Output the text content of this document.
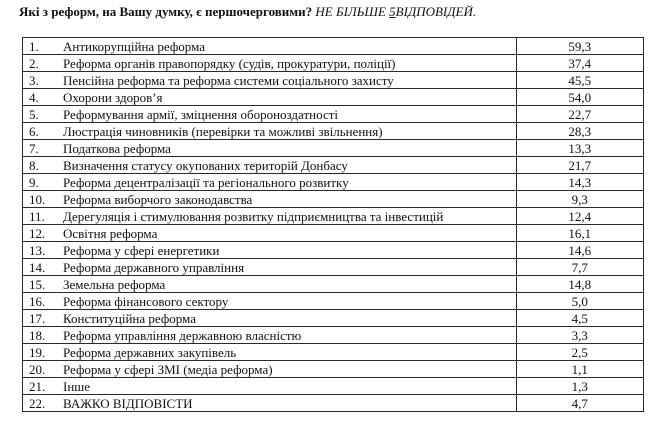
Які з реформ, на Вашу думку, є першочерговими? НЕ БІЛЬШЕ 5ВІДПОВІДЕЙ.
1. Антикорупційна реформа	59,3

2. Реформа органів правопорядку (судів, прокуратури, поліції)	37,4

3. Пенсійна реформа та реформа системи соціального захисту	45,5

4. Охорони здоров’я	54,0

5. Реформування армії, зміцнення обороноздатності	22,7

6. Люстрація чиновників (перевірки та можливі звільнення)	28,3

7. Податкова реформа	13,3

8. Визначення статусу окупованих територій Донбасу	21,7

9. Реформа децентралізації та регіонального розвитку	14,3

10. Реформа виборчого законодавства	9,3

11. Дерегуляція і стимулювання розвитку підприємництва та інвестицій	12,4

12. Освітня реформа	16,1

13. Реформа у сфері енергетики	14,6

14. Реформа державного управління	7,7

15. Земельна реформа	14,8

16. Реформа фінансового сектору	5,0

17. Конституційна реформа	4,5

18. Реформа управління державною власністю	3,3

19. Реформа державних закупівель	2,5

20. Реформа у сфері ЗМІ (медіа реформа)	1,1

21. Інше	1,3

22. ВАЖКО ВІДПОВІСТИ	4,7
